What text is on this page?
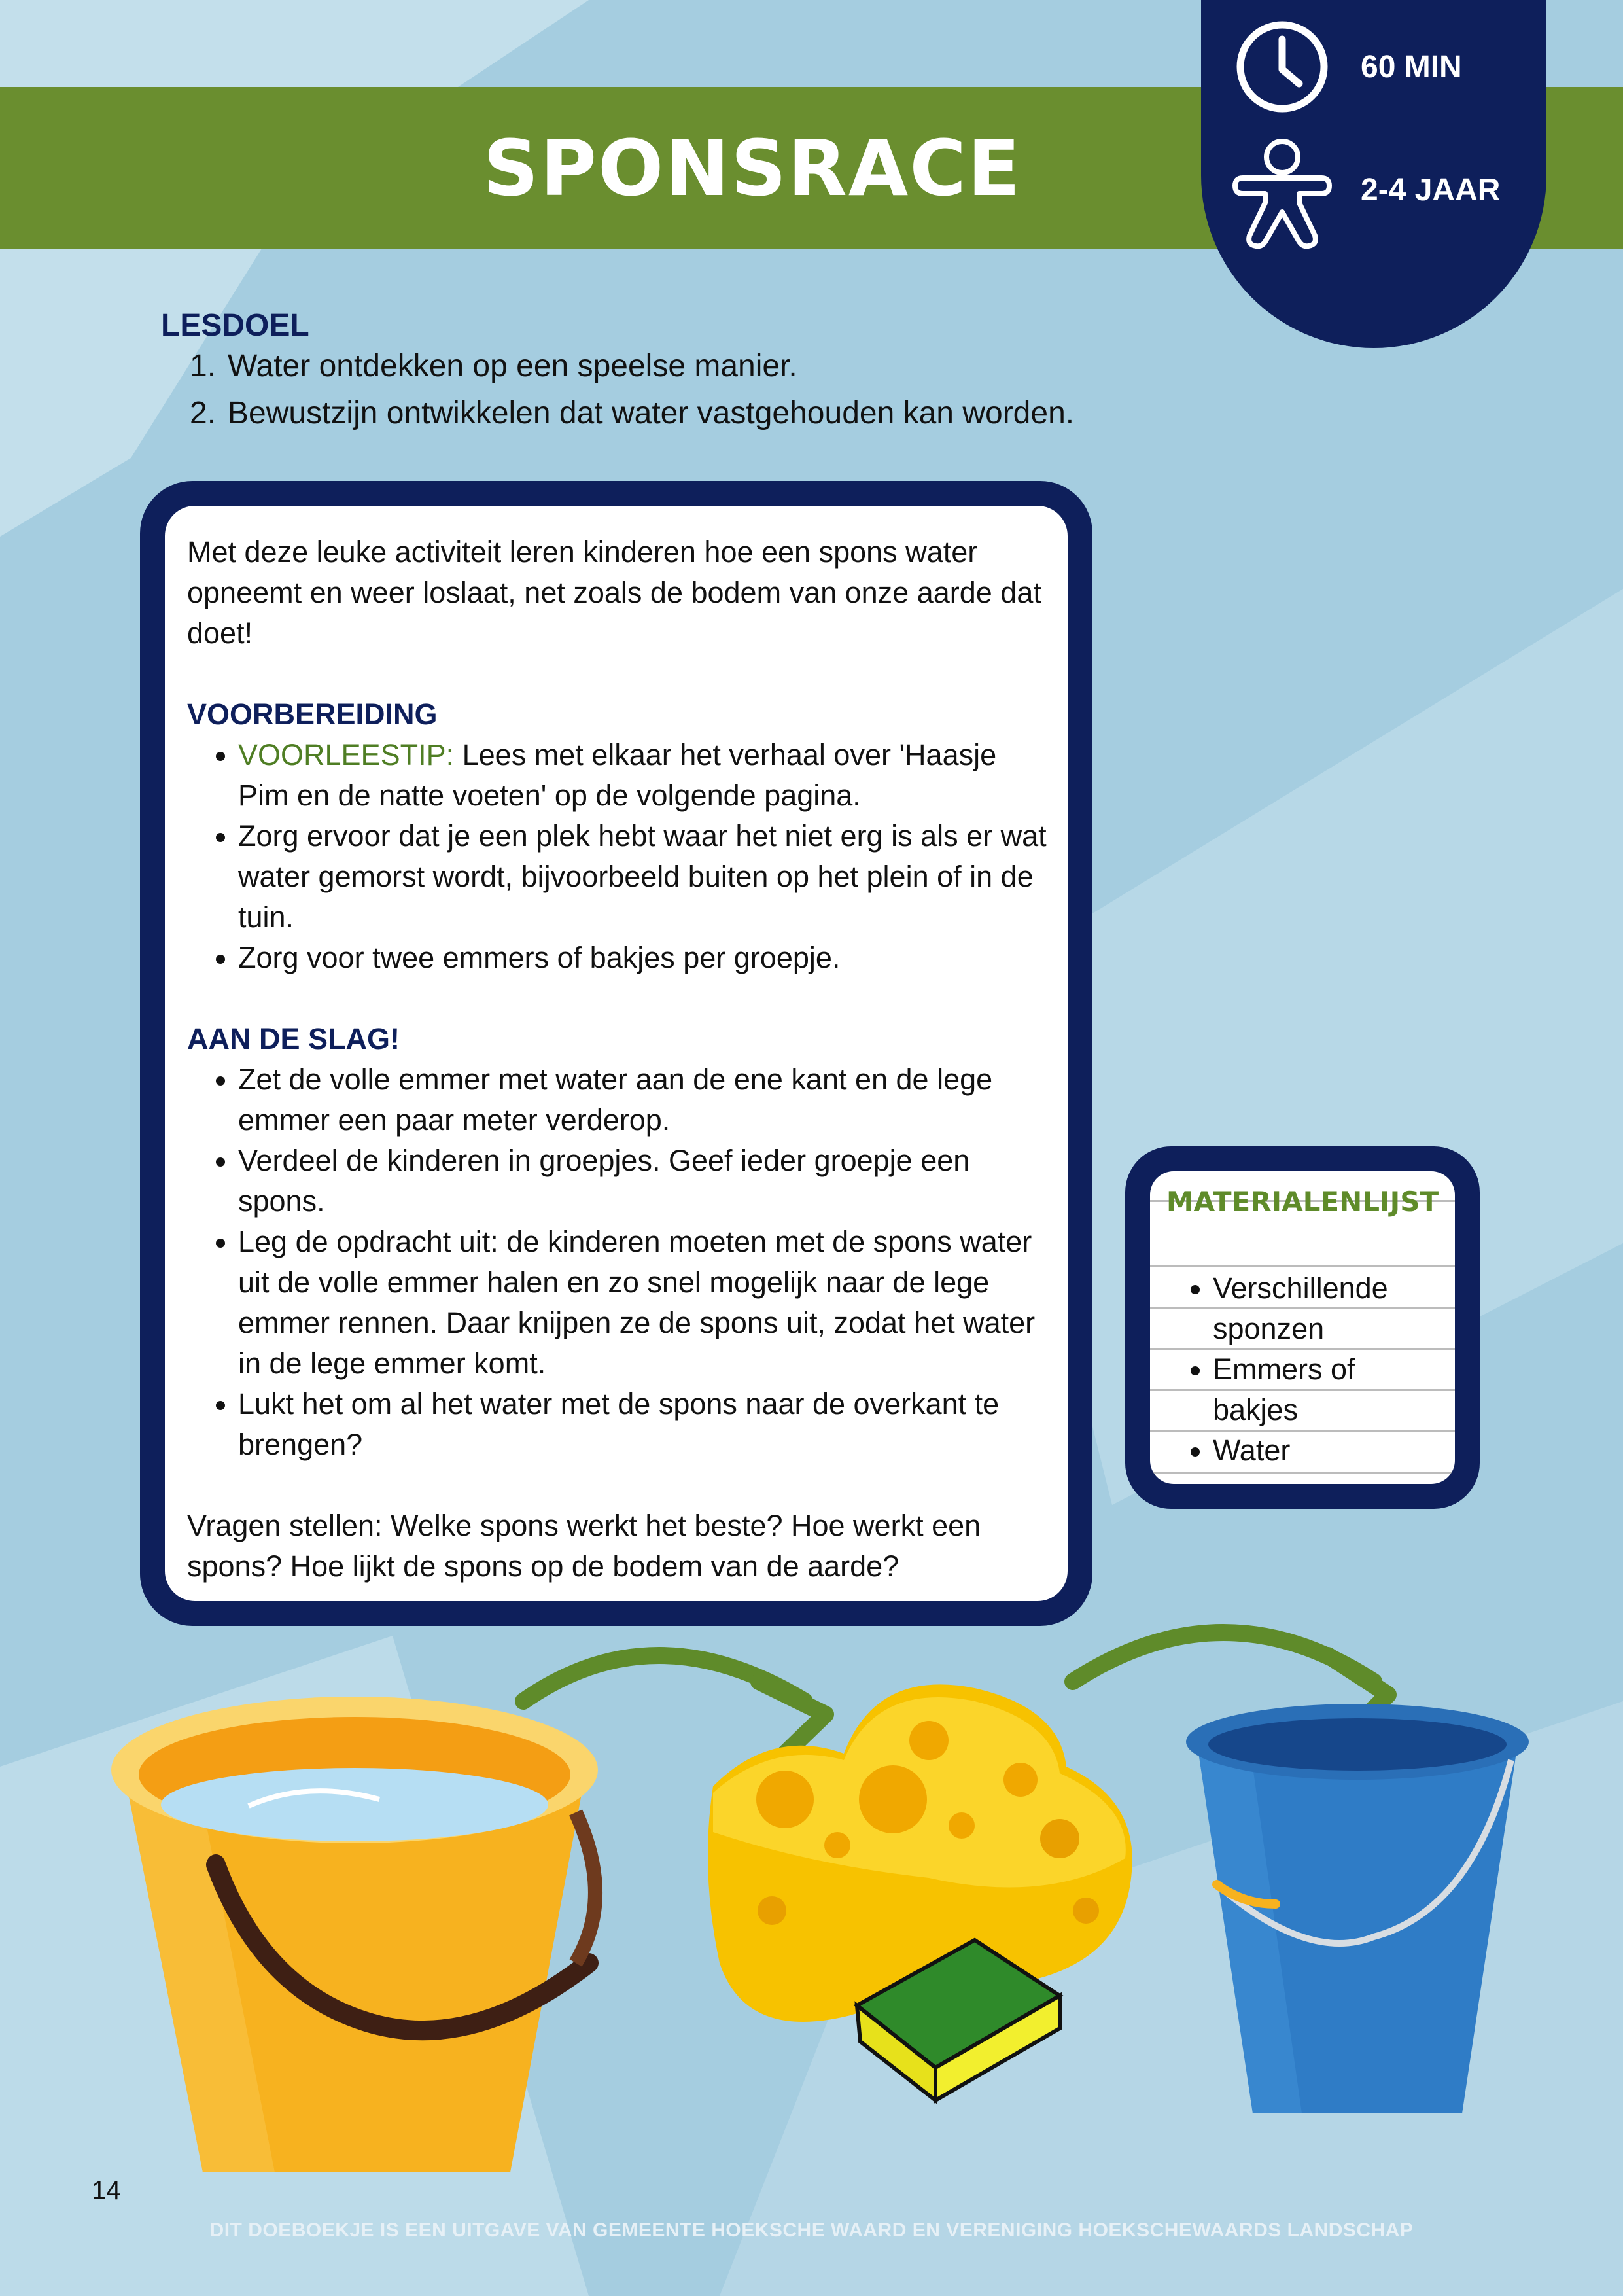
SPONSRACE
60 MIN
2-4 JAAR
LESDOEL
1. Water ontdekken op een speelse manier.
2. Bewustzijn ontwikkelen dat water vastgehouden kan worden.

Met deze leuke activiteit leren kinderen hoe een spons water opneemt en weer loslaat, net zoals de bodem van onze aarde dat doet!

VOORBEREIDING

• VOORLEESTIP: Lees met elkaar het verhaal over 'Haasje Pim en de natte voeten' op de volgende pagina.
• Zorg ervoor dat je een plek hebt waar het niet erg is als er wat water gemorst wordt, bijvoorbeeld buiten op het plein of in de tuin.
• Zorg voor twee emmers of bakjes per groepje.

AAN DE SLAG!

• Zet de volle emmer met water aan de ene kant en de lege emmer een paar meter verderop.
• Verdeel de kinderen in groepjes. Geef ieder groepje een spons.
• Leg de opdracht uit: de kinderen moeten met de spons water uit de volle emmer halen en zo snel mogelijk naar de lege emmer rennen. Daar knijpen ze de spons uit, zodat het water in de lege emmer komt.
• Lukt het om al het water met de spons naar de overkant te brengen?

Vragen stellen: Welke spons werkt het beste? Hoe werkt een spons? Hoe lijkt de spons op de bodem van de aarde?

MATERIALENLIJST
• Verschillende sponzen
• Emmers of bakjes
• Water
14
DIT DOEBOEKJE IS EEN UITGAVE VAN GEMEENTE HOEKSCHE WAARD EN VERENIGING HOEKSCHEWAARDS LANDSCHAP
